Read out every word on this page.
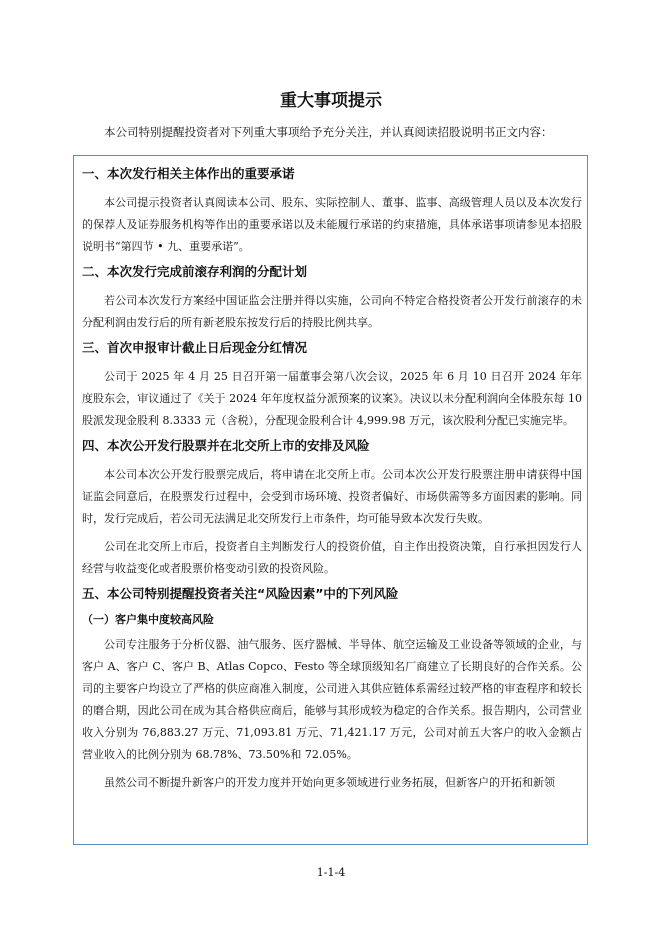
重大事项提示
本公司特别提醒投资者对下列重大事项给予充分关注，并认真阅读招股说明书正文内容：
一、本次发行相关主体作出的重要承诺

本公司提示投资者认真阅读本公司、股东、实际控制人、董事、监事、高级管理人员以及本次发行的保荐人及证券服务机构等作出的重要承诺以及未能履行承诺的约束措施，具体承诺事项请参见本招股说明书“第四节 • 九、重要承诺”。

二、本次发行完成前滚存利润的分配计划

若公司本次发行方案经中国证监会注册并得以实施，公司向不特定合格投资者公开发行前滚存的未分配利润由发行后的所有新老股东按发行后的持股比例共享。

三、首次申报审计截止日后现金分红情况

公司于 2025 年 4 月 25 日召开第一届董事会第八次会议，2025 年 6 月 10 日召开 2024 年年度股东会，审议通过了《关于 2024 年年度权益分派预案的议案》。决议以未分配利润向全体股东每 10 股派发现金股利 8.3333 元（含税），分配现金股利合计 4,999.98 万元，该次股利分配已实施完毕。

四、本次公开发行股票并在北交所上市的安排及风险

本公司本次公开发行股票完成后，将申请在北交所上市。公司本次公开发行股票注册申请获得中国证监会同意后，在股票发行过程中，会受到市场环境、投资者偏好、市场供需等多方面因素的影响。同时，发行完成后，若公司无法满足北交所发行上市条件，均可能导致本次发行失败。

公司在北交所上市后，投资者自主判断发行人的投资价值，自主作出投资决策，自行承担因发行人经营与收益变化或者股票价格变动引致的投资风险。

五、本公司特别提醒投资者关注“风险因素”中的下列风险
（一）客户集中度较高风险

公司专注服务于分析仪器、油气服务、医疗器械、半导体、航空运输及工业设备等领域的企业，与客户 A、客户 C、客户 B、Atlas Copco、Festo 等全球顶级知名厂商建立了长期良好的合作关系。公司的主要客户均设立了严格的供应商准入制度，公司进入其供应链体系需经过较严格的审查程序和较长的磨合期，因此公司在成为其合格供应商后，能够与其形成较为稳定的合作关系。报告期内，公司营业收入分别为 76,883.27 万元、71,093.81 万元、71,421.17 万元，公司对前五大客户的收入金额占营业收入的比例分别为 68.78%、73.50%和 72.05%。

虽然公司不断提升新客户的开发力度并开始向更多领域进行业务拓展，但新客户的开拓和新领

1-1-4
